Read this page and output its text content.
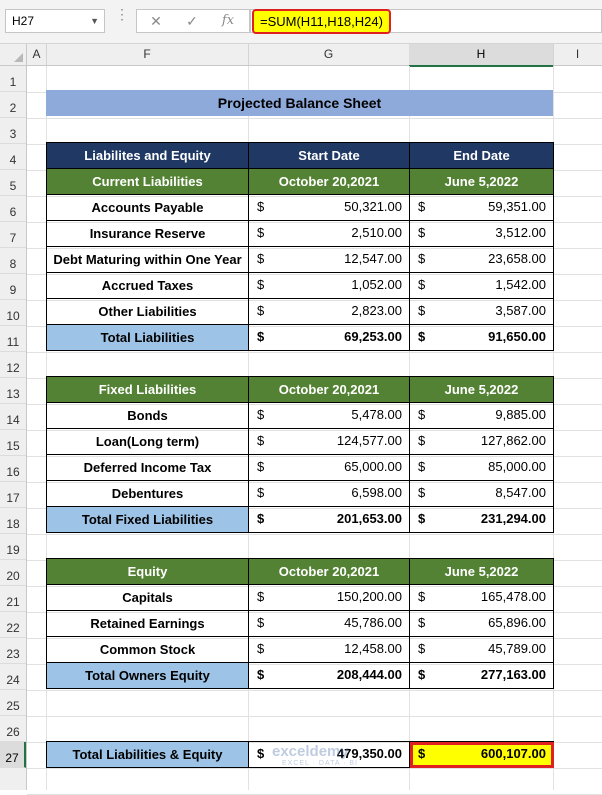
H27	▼ ⋮	✕	✓	fx	=SUM(H11,H18,H24)
A	F	G	H	I
1
2
3
4
5
6
7
8
9
10
11
12
13
14
15
16
17
18
19
20
21
22
23
24
25
26
27
Projected Balance Sheet
Liabilites and Equity	Start Date	End Date
Current Liabilities	October 20,2021	June 5,2022
Accounts Payable	$ 50,321.00	$ 59,351.00

Insurance Reserve	$ 2,510.00	$ 3,512.00

Debt Maturing within One Year	$ 12,547.00	$ 23,658.00

Accrued Taxes	$ 1,052.00	$ 1,542.00

Other Liabilities	$ 2,823.00	$ 3,587.00

Total Liabilities	$ 69,253.00	$ 91,650.00
Fixed Liabilities	October 20,2021	June 5,2022
Bonds	$ 5,478.00	$ 9,885.00

Loan(Long term)	$ 124,577.00	$ 127,862.00

Deferred Income Tax	$ 65,000.00	$ 85,000.00

Debentures	$ 6,598.00	$ 8,547.00

Total Fixed Liabilities	$ 201,653.00	$ 231,294.00
Equity	October 20,2021	June 5,2022
Capitals	$ 150,200.00	$ 165,478.00

Retained Earnings	$ 45,786.00	$ 65,896.00

Common Stock	$ 12,458.00	$ 45,789.00

Total Owners Equity	$ 208,444.00	$ 277,163.00
Total Liabilities & Equity	$	479,350.00	$	600,107.00
exceldemy
EXCEL · DATA · BI
